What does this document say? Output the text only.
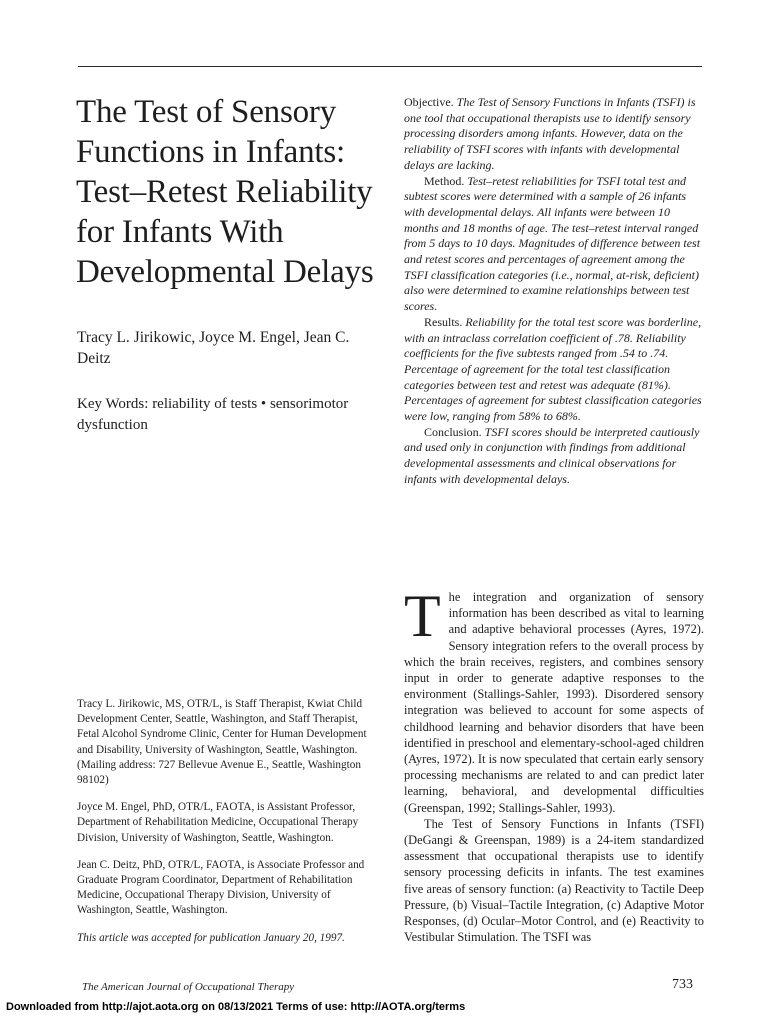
The Test of Sensory
Functions in Infants:
Test–Retest Reliability
for Infants With
Developmental Delays
Tracy L. Jirikowic, Joyce M. Engel, Jean C. Deitz
Key Words: reliability of tests • sensorimotor dysfunction

Objective. The Test of Sensory Functions in Infants (TSFI) is one tool that occupational therapists use to identify sensory processing disorders among infants. However, data on the reliability of TSFI scores with infants with developmental delays are lacking.

Method. Test–retest reliabilities for TSFI total test and subtest scores were determined with a sample of 26 infants with developmental delays. All infants were between 10 months and 18 months of age. The test–retest interval ranged from 5 days to 10 days. Magnitudes of difference between test and retest scores and percentages of agreement among the TSFI classification categories (i.e., normal, at-risk, deficient) also were determined to examine relationships between test scores.

Results. Reliability for the total test score was borderline, with an intraclass correlation coefficient of .78. Reliability coefficients for the five subtests ranged from .54 to .74. Percentage of agreement for the total test classification categories between test and retest was adequate (81%). Percentages of agreement for subtest classification categories were low, ranging from 58% to 68%.

Conclusion. TSFI scores should be interpreted cautiously and used only in conjunction with findings from additional developmental assessments and clinical observations for infants with developmental delays.

Tracy L. Jirikowic, MS, OTR/L, is Staff Therapist, Kwiat Child Development Center, Seattle, Washington, and Staff Therapist, Fetal Alcohol Syndrome Clinic, Center for Human Development and Disability, University of Washington, Seattle, Washington. (Mailing address: 727 Bellevue Avenue E., Seattle, Washington 98102)

Joyce M. Engel, PhD, OTR/L, FAOTA, is Assistant Professor, Department of Rehabilitation Medicine, Occupational Therapy Division, University of Washington, Seattle, Washington.

Jean C. Deitz, PhD, OTR/L, FAOTA, is Associate Professor and Graduate Program Coordinator, Department of Rehabilitation Medicine, Occupational Therapy Division, University of Washington, Seattle, Washington.

This article was accepted for publication January 20, 1997.

T he integration and organization of sensory information has been described as vital to learning and adaptive behavioral processes (Ayres, 1972). Sensory integration refers to the overall process by which the brain receives, registers, and combines sensory input in order to generate adaptive responses to the environment (Stallings-Sahler, 1993). Disordered sensory integration was believed to account for some aspects of childhood learning and behavior disorders that have been identified in preschool and elementary-school-aged children (Ayres, 1972). It is now speculated that certain early sensory processing mechanisms are related to and can predict later learning, behavioral, and developmental difficulties (Greenspan, 1992; Stallings-Sahler, 1993).

The Test of Sensory Functions in Infants (TSFI) (DeGangi & Greenspan, 1989) is a 24-item standardized assessment that occupational therapists use to identify sensory processing deficits in infants. The test examines five areas of sensory function: (a) Reactivity to Tactile Deep Pressure, (b) Visual–Tactile Integration, (c) Adaptive Motor Responses, (d) Ocular–Motor Control, and (e) Reactivity to Vestibular Stimulation. The TSFI was

The American Journal of Occupational Therapy	733
Downloaded from http://ajot.aota.org on 08/13/2021 Terms of use: http://AOTA.org/terms
